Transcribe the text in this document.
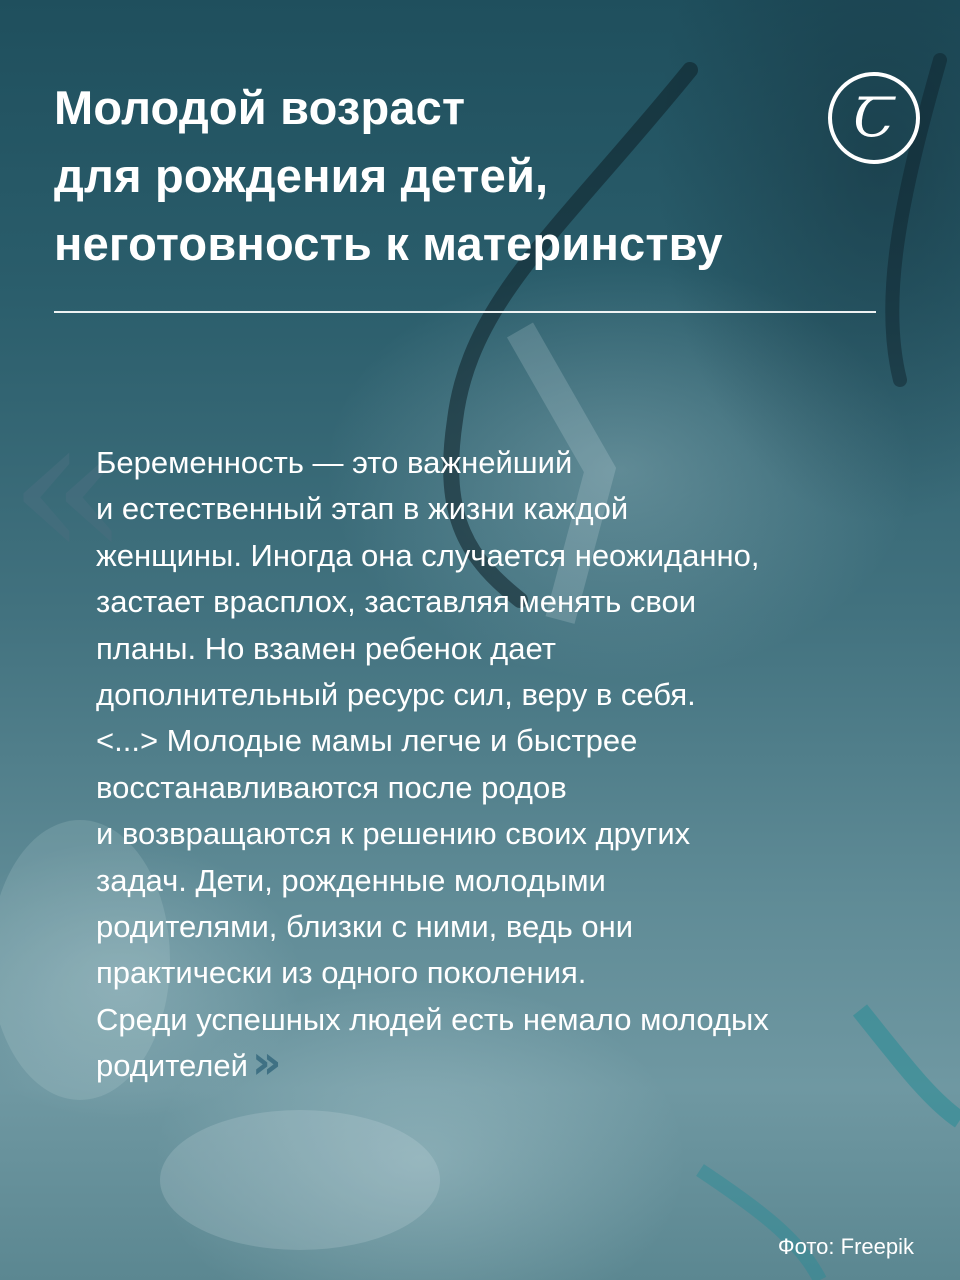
Молодой возраст
для рождения детей,
неготовность к материнству
Ꞇ
«
Беременность — это важнейший
и естественный этап в жизни каждой
женщины. Иногда она случается неожиданно,
застает врасплох, заставляя менять свои
планы. Но взамен ребенок дает
дополнительный ресурс сил, веру в себя.
<...> Молодые мамы легче и быстрее
восстанавливаются после родов
и возвращаются к решению своих других
задач. Дети, рожденные молодыми
родителями, близки с ними, ведь они
практически из одного поколения.
Среди успешных людей есть немало молодых
родителей»
Фото: Freepik
